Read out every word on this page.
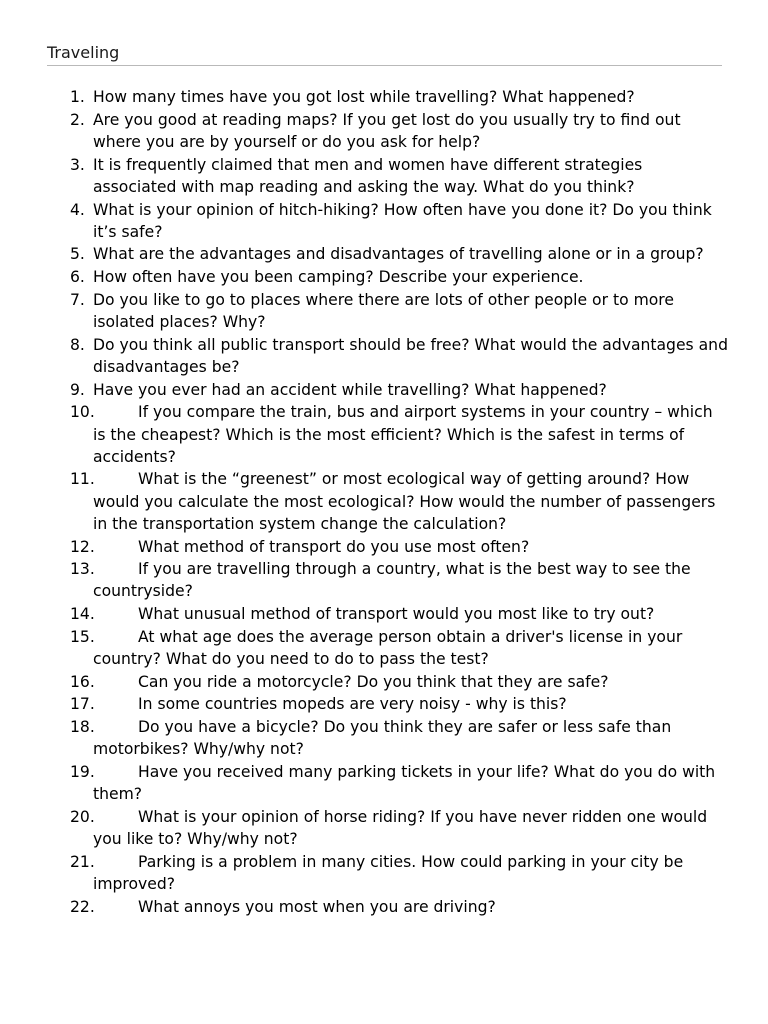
Traveling
1. How many times have you got lost while travelling? What happened?
2. Are you good at reading maps? If you get lost do you usually try to find out where you are by yourself or do you ask for help?
3. It is frequently claimed that men and women have different strategies associated with map reading and asking the way. What do you think?
4. What is your opinion of hitch-hiking? How often have you done it? Do you think it’s safe?
5. What are the advantages and disadvantages of travelling alone or in a group?
6. How often have you been camping? Describe your experience.
7. Do you like to go to places where there are lots of other people or to more isolated places? Why?
8. Do you think all public transport should be free? What would the advantages and disadvantages be?
9. Have you ever had an accident while travelling? What happened?
10.	If you compare the train, bus and airport systems in your country – which is the cheapest? Which is the most efficient? Which is the safest in terms of accidents?
11.	What is the “greenest” or most ecological way of getting around? How would you calculate the most ecological? How would the number of passengers in the transportation system change the calculation?
12.	What method of transport do you use most often?
13.	If you are travelling through a country, what is the best way to see the countryside?
14.	What unusual method of transport would you most like to try out?
15.	At what age does the average person obtain a driver's license in your country? What do you need to do to pass the test?
16.	Can you ride a motorcycle? Do you think that they are safe?
17.	In some countries mopeds are very noisy - why is this?
18.	Do you have a bicycle? Do you think they are safer or less safe than motorbikes? Why/why not?
19.	Have you received many parking tickets in your life? What do you do with them?
20.	What is your opinion of horse riding? If you have never ridden one would you like to? Why/why not?
21.	Parking is a problem in many cities. How could parking in your city be improved?
22.	What annoys you most when you are driving?
